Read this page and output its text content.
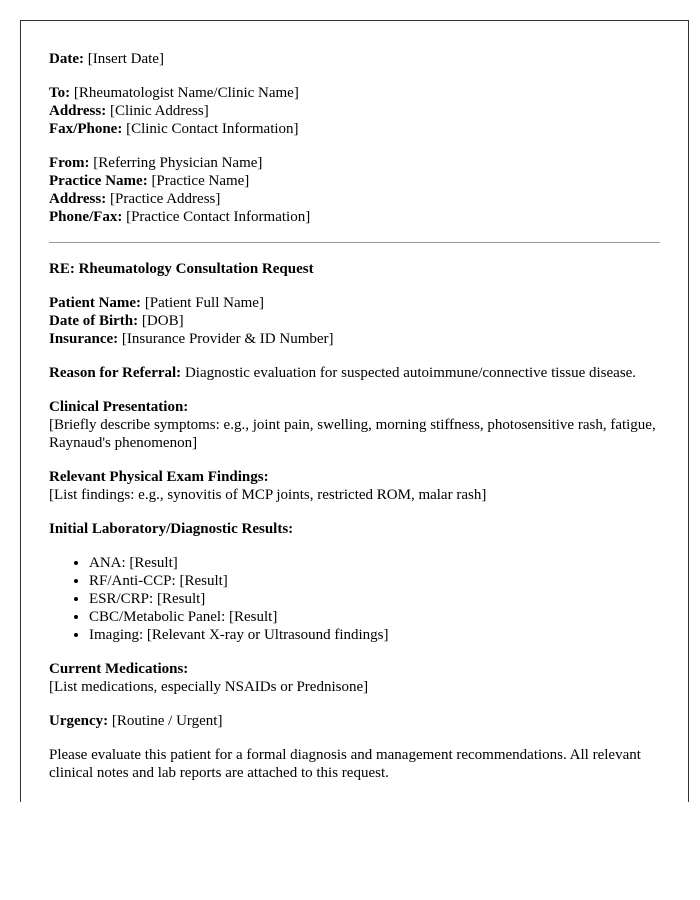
Date: [Insert Date]

To: [Rheumatologist Name/Clinic Name]
Address: [Clinic Address]
Fax/Phone: [Clinic Contact Information]

From: [Referring Physician Name]
Practice Name: [Practice Name]
Address: [Practice Address]
Phone/Fax: [Practice Contact Information]

RE: Rheumatology Consultation Request

Patient Name: [Patient Full Name]
Date of Birth: [DOB]
Insurance: [Insurance Provider & ID Number]

Reason for Referral: Diagnostic evaluation for suspected autoimmune/connective tissue disease.

Clinical Presentation:
[Briefly describe symptoms: e.g., joint pain, swelling, morning stiffness, photosensitive rash, fatigue, Raynaud's phenomenon]

Relevant Physical Exam Findings:
[List findings: e.g., synovitis of MCP joints, restricted ROM, malar rash]

Initial Laboratory/Diagnostic Results:

• ANA: [Result]
• RF/Anti-CCP: [Result]
• ESR/CRP: [Result]
• CBC/Metabolic Panel: [Result]
• Imaging: [Relevant X-ray or Ultrasound findings]

Current Medications:
[List medications, especially NSAIDs or Prednisone]

Urgency: [Routine / Urgent]

Please evaluate this patient for a formal diagnosis and management recommendations. All relevant clinical notes and lab reports are attached to this request.
